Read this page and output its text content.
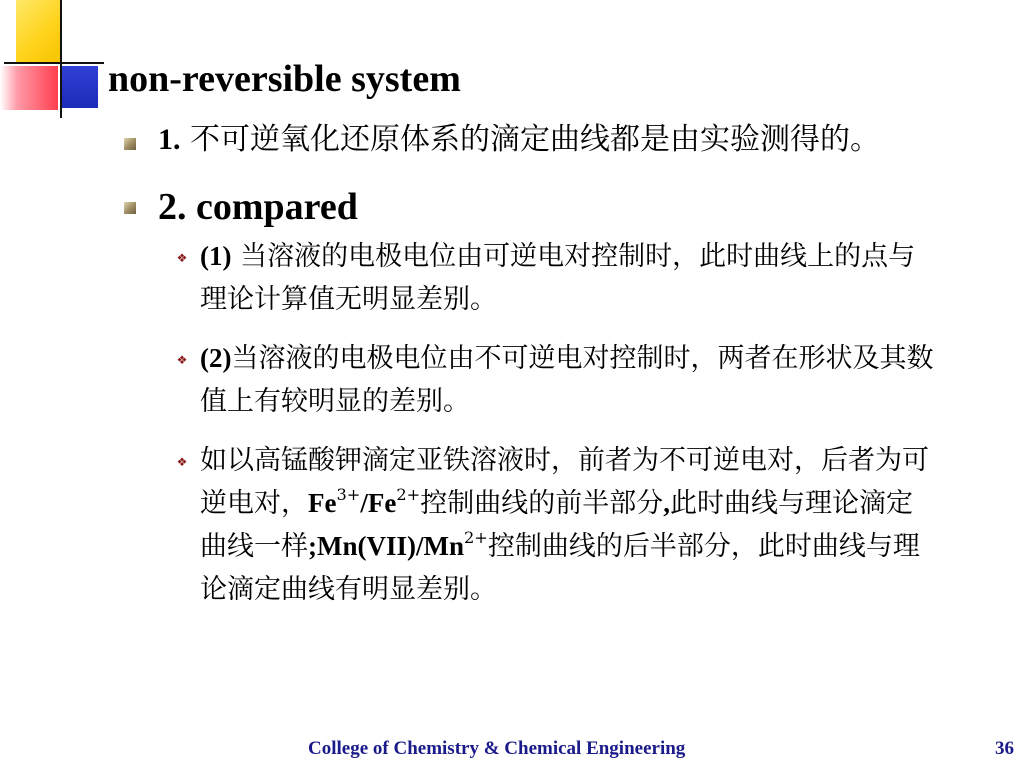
non-reversible system
1. 不可逆氧化还原体系的滴定曲线都是由实验测得的。
2. compared
❖ (1) 当溶液的电极电位由可逆电对控制时，此时曲线上的点与理论计算值无明显差别。
❖ (2)当溶液的电极电位由不可逆电对控制时，两者在形状及其数值上有较明显的差别。
❖ 如以高锰酸钾滴定亚铁溶液时，前者为不可逆电对，后者为可逆电对，$Fe^{3+}/Fe^{2+}$控制曲线的前半部分,此时曲线与理论滴定曲线一样$;Mn(VII)/Mn^{2+}$控制曲线的后半部分，此时曲线与理论滴定曲线有明显差别。
College of Chemistry & Chemical Engineering	36
